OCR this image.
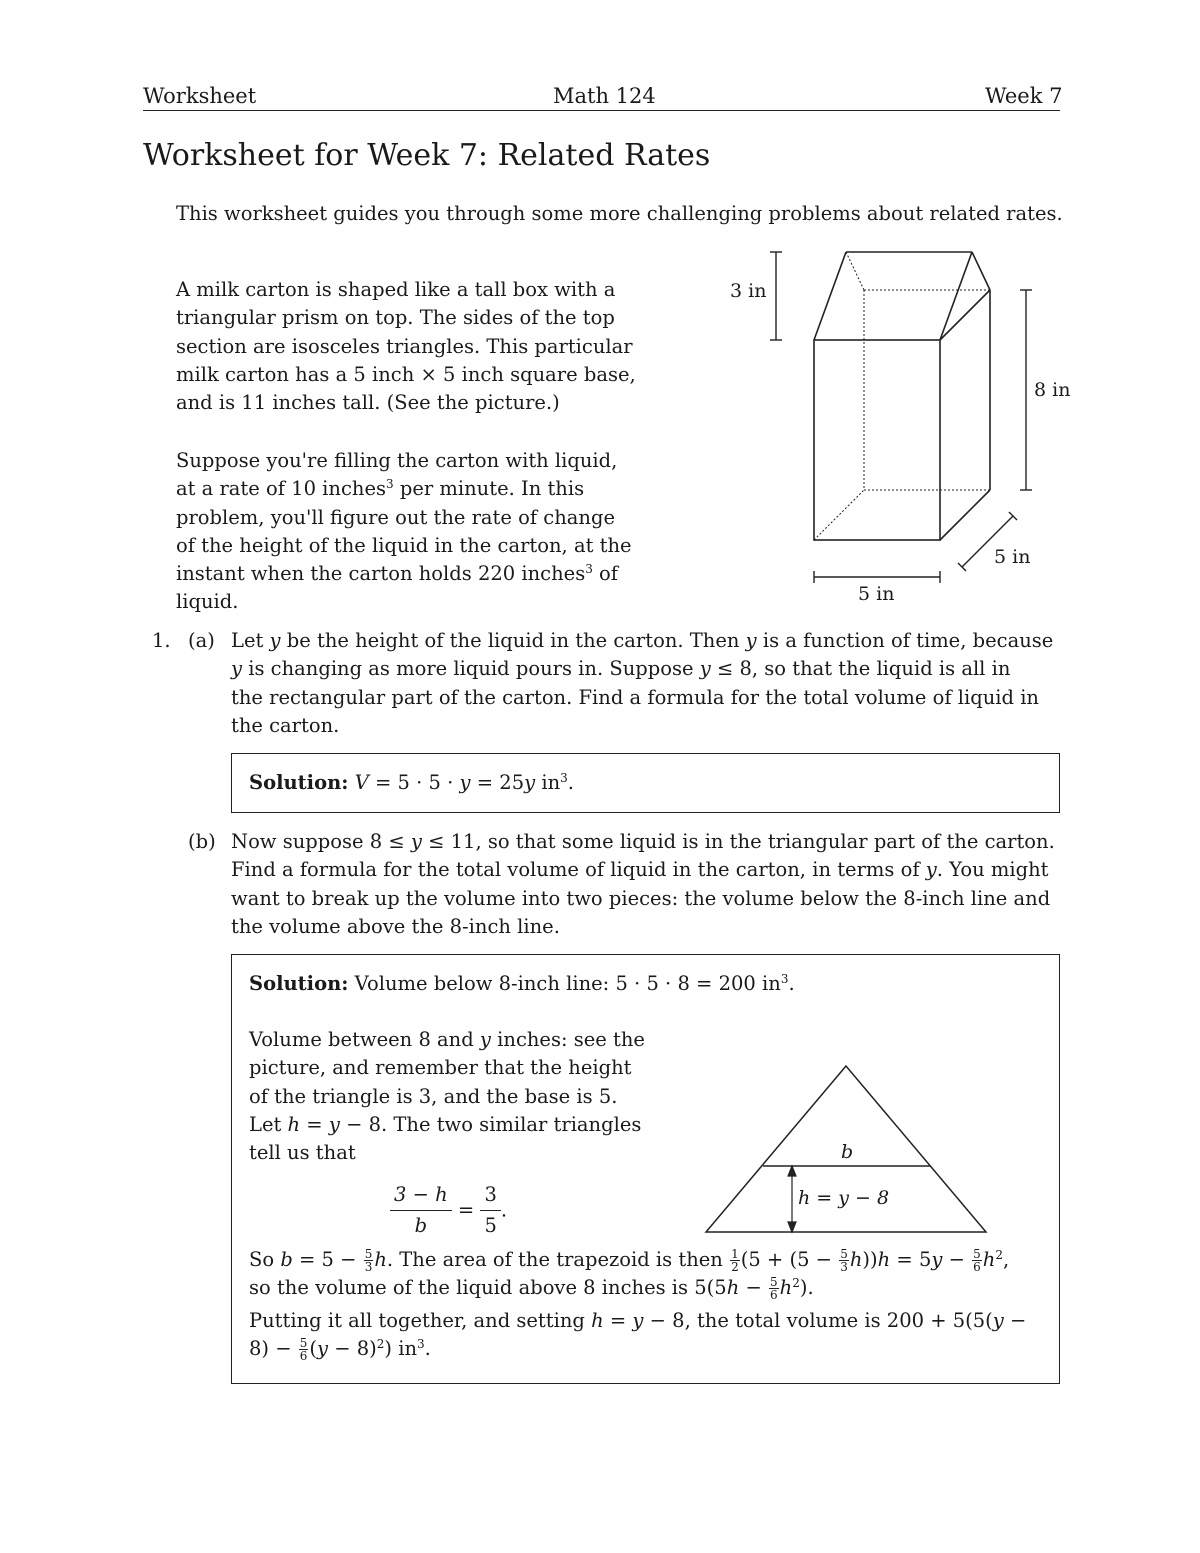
Worksheet	Math 124	Week 7
Worksheet for Week 7: Related Rates
This worksheet guides you through some more challenging problems about related rates.
A milk carton is shaped like a tall box with a
triangular prism on top. The sides of the top
section are isosceles triangles. This particular
milk carton has a 5 inch × 5 inch square base,
and is 11 inches tall. (See the picture.)
Suppose you're filling the carton with liquid,
at a rate of 10 inches$^3$ per minute. In this
problem, you'll figure out the rate of change
of the height of the liquid in the carton, at the
instant when the carton holds 220 inches$^3$ of
liquid.
3 in
8 in
5 in
5 in
1. (a) Let y be the height of the liquid in the carton. Then y is a function of time, because
y is changing as more liquid pours in. Suppose y ≤ 8, so that the liquid is all in
the rectangular part of the carton. Find a formula for the total volume of liquid in
the carton.
Solution: V = 5 · 5 · y = 25y $in^3$.
(b) Now suppose 8 ≤ y ≤ 11, so that some liquid is in the triangular part of the carton.
Find a formula for the total volume of liquid in the carton, in terms of y. You might
want to break up the volume into two pieces: the volume below the 8-inch line and
the volume above the 8-inch line.
Solution: Volume below 8-inch line: 5 · 5 · 8 = 200 $in^3$.
Volume between 8 and y inches: see the
picture, and remember that the height
of the triangle is 3, and the base is 5.
Let h = y − 8. The two similar triangles
tell us that
$\frac{3 - h}{b} = \frac{3}{5}$ .
b
h = y − 8
So $b = 5 - \frac{5}{3} h$. The area of the trapezoid is then $\frac{1}{2} (5 + (5 - \frac{5}{3} h))h = 5y - \frac{5}{6} h^2$,
so the volume of the liquid above 8 inches is $5(5h - \frac{5}{6} h^2)$.
Putting it all together, and setting h = y − 8, the total volume is 200 + 5(5(y −
$8) - \frac{5}{6} (y - 8)^2$) $in^3$.
